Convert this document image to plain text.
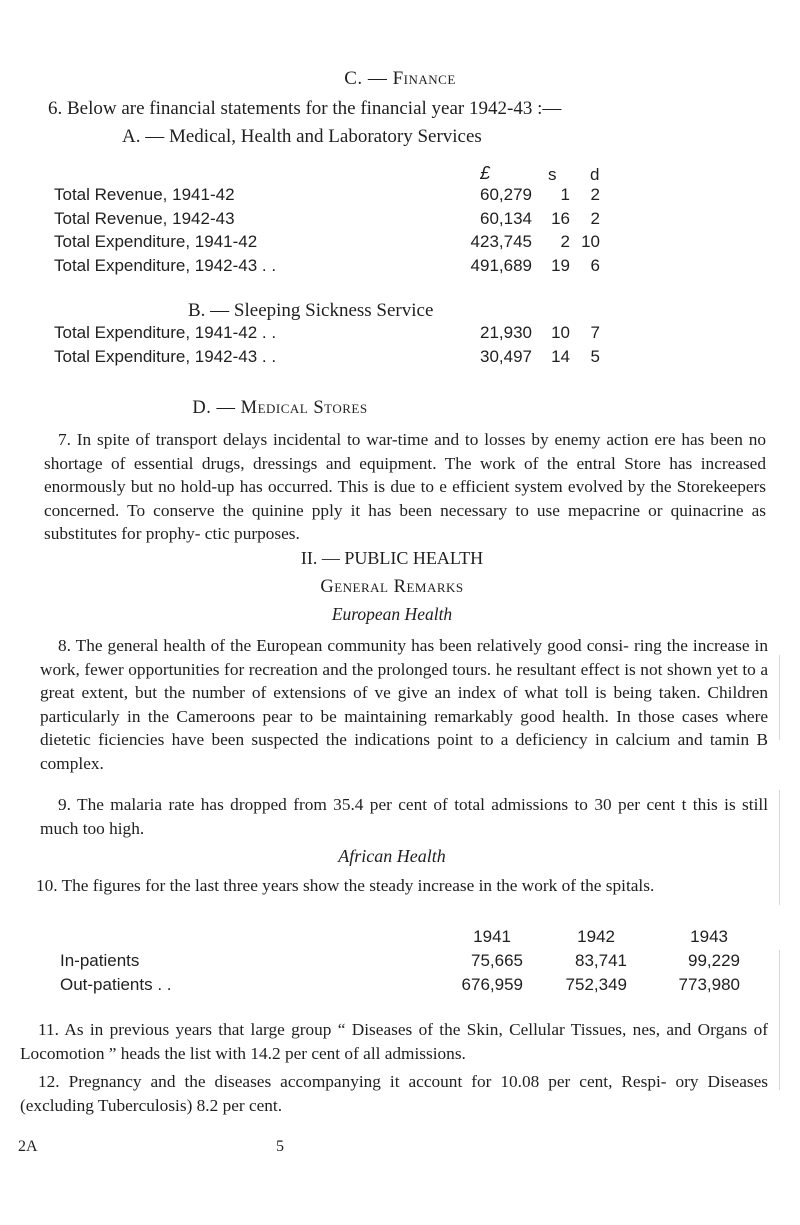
C. — Finance
6. Below are financial statements for the financial year 1942-43 :—
A. — Medical, Health and Laboratory Services
£	s d
Total Revenue, 1941-42	60,279	1	2
Total Revenue, 1942-43	60,134	16	2
Total Expenditure, 1941-42	423,745	2 10
Total Expenditure, 1942-43 . .	491,689	19	6
B. — Sleeping Sickness Service
Total Expenditure, 1941-42 . .	21,930	10	7
Total Expenditure, 1942-43 . .	30,497	14	5
D. — Medical Stores
7. In spite of transport delays incidental to war-time and to losses by enemy action ere has been no shortage of essential drugs, dressings and equipment. The work of the entral Store has increased enormously but no hold-up has occurred. This is due to e efficient system evolved by the Storekeepers concerned. To conserve the quinine pply it has been necessary to use mepacrine or quinacrine as substitutes for prophy- ctic purposes.
II. — PUBLIC HEALTH
General Remarks
European Health
8. The general health of the European community has been relatively good consi- ring the increase in work, fewer opportunities for recreation and the prolonged tours. he resultant effect is not shown yet to a great extent, but the number of extensions of ve give an index of what toll is being taken. Children particularly in the Cameroons pear to be maintaining remarkably good health. In those cases where dietetic ficiencies have been suspected the indications point to a deficiency in calcium and tamin B complex.
9. The malaria rate has dropped from 35.4 per cent of total admissions to 30 per cent t this is still much too high.
African Health
10. The figures for the last three years show the steady increase in the work of the spitals.
1941	1942	1943
In-patients	75,665	83,741	99,229
Out-patients . .	676,959	752,349	773,980
11. As in previous years that large group “ Diseases of the Skin, Cellular Tissues, nes, and Organs of Locomotion ” heads the list with 14.2 per cent of all admissions.
12. Pregnancy and the diseases accompanying it account for 10.08 per cent, Respi- ory Diseases (excluding Tuberculosis) 8.2 per cent.
2A	5
